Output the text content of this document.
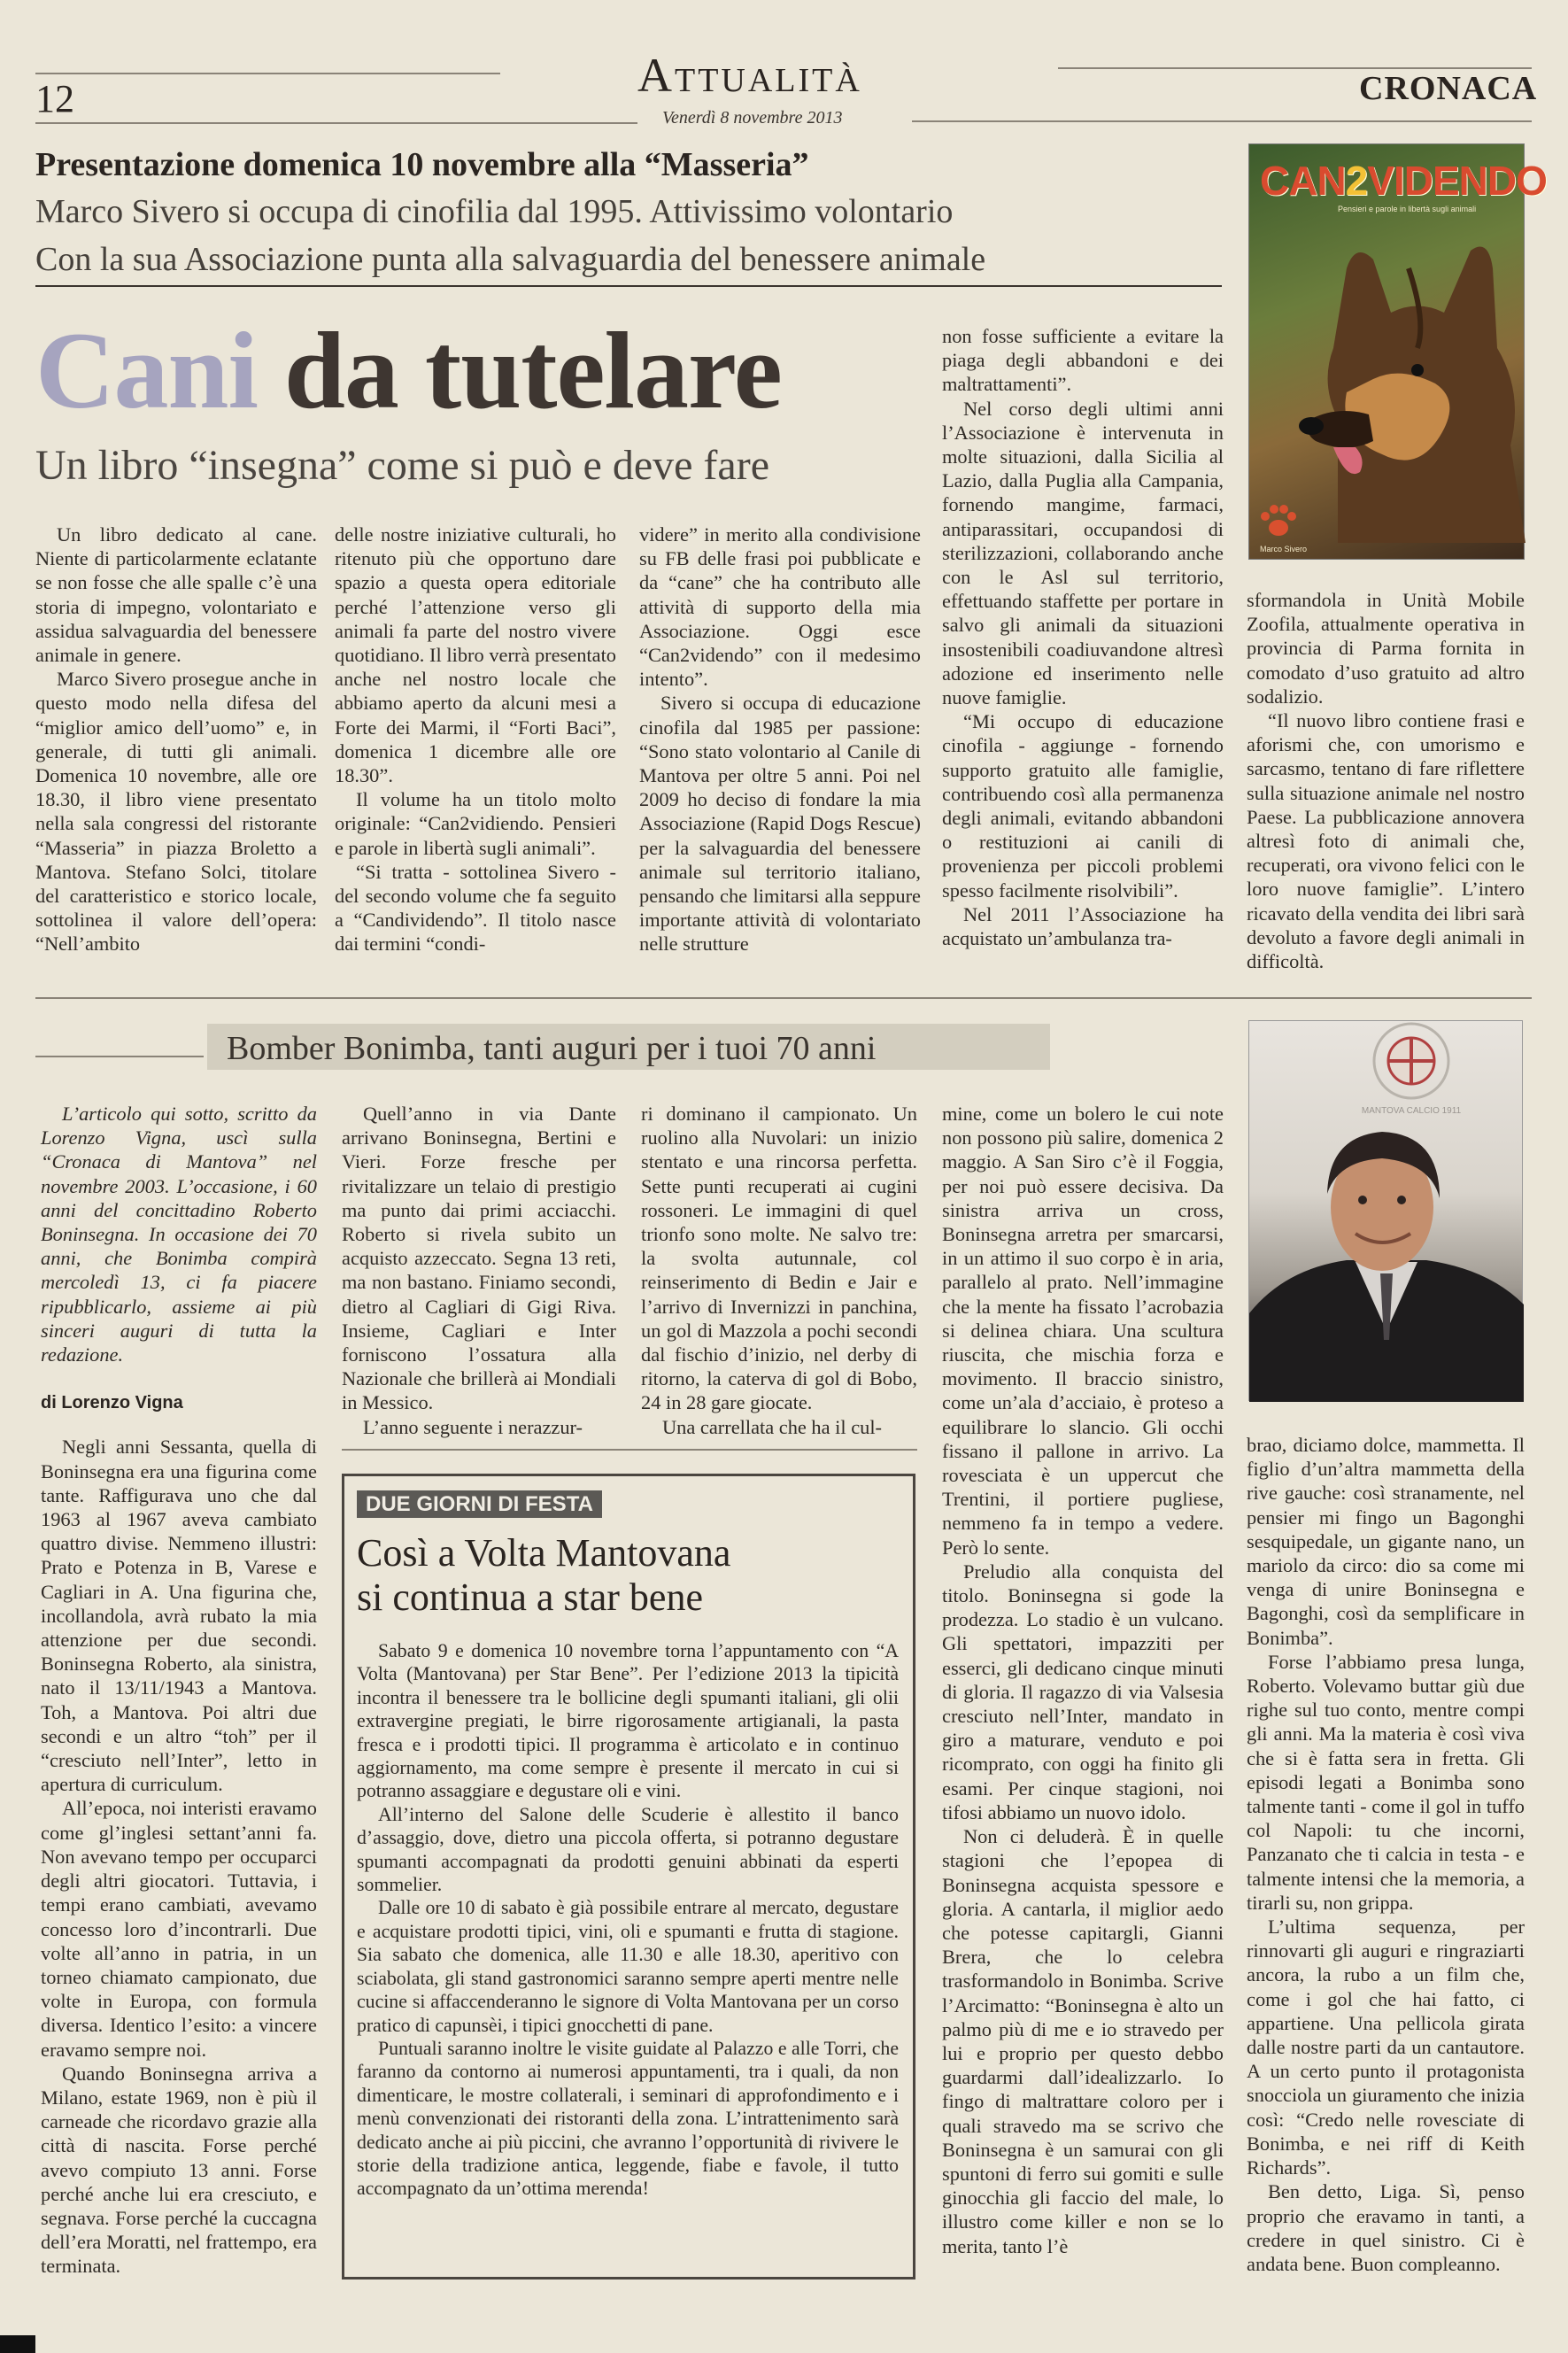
12	Attualità
Venerdì 8 novembre 2013
CRONACA
Presentazione domenica 10 novembre alla “Masseria”
Marco Sivero si occupa di cinofilia dal 1995. Attivissimo volontario
Con la sua Associazione punta alla salvaguardia del benessere animale
Cani da tutelare
Un libro “insegna” come si può e deve fare

Un libro dedicato al cane. Niente di particolarmente eclatante se non fosse che alle spalle c’è una storia di impegno, volontariato e assidua salvaguardia del benessere animale in genere.

Marco Sivero prosegue anche in questo modo nella difesa del “miglior amico dell’uomo” e, in generale, di tutti gli animali. Domenica 10 novembre, alle ore 18.30, il libro viene presentato nella sala congressi del ristorante “Masseria” in piazza Broletto a Mantova. Stefano Solci, titolare del caratteristico e storico locale, sottolinea il valore dell’opera: “Nell’ambito

delle nostre iniziative culturali, ho ritenuto più che opportuno dare spazio a questa opera editoriale perché l’attenzione verso gli animali fa parte del nostro vivere quotidiano. Il libro verrà presentato anche nel nostro locale che abbiamo aperto da alcuni mesi a Forte dei Marmi, il “Forti Baci”, domenica 1 dicembre alle ore 18.30”.

Il volume ha un titolo molto originale: “Can2vidiendo. Pensieri e parole in libertà sugli animali”.

“Si tratta - sottolinea Sivero - del secondo volume che fa seguito a “Candividendo”. Il titolo nasce dai termini “condi-

videre” in merito alla condivisione su FB delle frasi poi pubblicate e da “cane” che ha contributo alle attività di supporto della mia Associazione. Oggi esce “Can2videndo” con il medesimo intento”.

Sivero si occupa di educazione cinofila dal 1985 per passione: “Sono stato volontario al Canile di Mantova per oltre 5 anni. Poi nel 2009 ho deciso di fondare la mia Associazione (Rapid Dogs Rescue) per la salvaguardia del benessere animale sul territorio italiano, pensando che limitarsi alla seppure importante attività di volontariato nelle strutture

non fosse sufficiente a evitare la piaga degli abbandoni e dei maltrattamenti”.

Nel corso degli ultimi anni l’Associazione è intervenuta in molte situazioni, dalla Sicilia al Lazio, dalla Puglia alla Campania, fornendo mangime, farmaci, antiparassitari, occupandosi di sterilizzazioni, collaborando anche con le Asl sul territorio, effettuando staffette per portare in salvo gli animali da situazioni insostenibili coadiuvandone altresì adozione ed inserimento nelle nuove famiglie.

“Mi occupo di educazione cinofila - aggiunge - fornendo supporto gratuito alle famiglie, contribuendo così alla permanenza degli animali, evitando abbandoni o restituzioni ai canili di provenienza per piccoli problemi spesso facilmente risolvibili”.

Nel 2011 l’Associazione ha acquistato un’ambulanza tra-

sformandola in Unità Mobile Zoofila, attualmente operativa in provincia di Parma fornita in comodato d’uso gratuito ad altro sodalizio.

“Il nuovo libro contiene frasi e aforismi che, con umorismo e sarcasmo, tentano di fare riflettere sulla situazione animale nel nostro Paese. La pubblicazione annovera altresì foto di animali che, recuperati, ora vivono felici con le loro nuove famiglie”. L’intero ricavato della vendita dei libri sarà devoluto a favore degli animali in difficoltà.

CAN2VIDENDO
Pensieri e parole in libertà sugli animali
Marco Sivero
Bomber Bonimba, tanti auguri per i tuoi 70 anni

L’articolo qui sotto, scritto da Lorenzo Vigna, uscì sulla “Cronaca di Mantova” nel novembre 2003. L’occasione, i 60 anni del concittadino Roberto Boninsegna. In occasione dei 70 anni, che Bonimba compirà mercoledì 13, ci fa piacere ripubblicarlo, assieme ai più sinceri auguri di tutta la redazione.

di Lorenzo Vigna

Negli anni Sessanta, quella di Boninsegna era una figurina come tante. Raffigurava uno che dal 1963 al 1967 aveva cambiato quattro divise. Nemmeno illustri: Prato e Potenza in B, Varese e Cagliari in A. Una figurina che, incollandola, avrà rubato la mia attenzione per due secondi. Boninsegna Roberto, ala sinistra, nato il 13/11/1943 a Mantova. Toh, a Mantova. Poi altri due secondi e un altro “toh” per il “cresciuto nell’Inter”, letto in apertura di curriculum.

All’epoca, noi interisti eravamo come gl’inglesi settant’anni fa. Non avevano tempo per occuparci degli altri giocatori. Tuttavia, i tempi erano cambiati, avevamo concesso loro d’incontrarli. Due volte all’anno in patria, in un torneo chiamato campionato, due volte in Europa, con formula diversa. Identico l’esito: a vincere eravamo sempre noi.

Quando Boninsegna arriva a Milano, estate 1969, non è più il carneade che ricordavo grazie alla città di nascita. Forse perché avevo compiuto 13 anni. Forse perché anche lui era cresciuto, e segnava. Forse perché la cuccagna dell’era Moratti, nel frattempo, era terminata.

Quell’anno in via Dante arrivano Boninsegna, Bertini e Vieri. Forze fresche per rivitalizzare un telaio di prestigio ma punto dai primi acciacchi. Roberto si rivela subito un acquisto azzeccato. Segna 13 reti, ma non bastano. Finiamo secondi, dietro al Cagliari di Gigi Riva. Insieme, Cagliari e Inter forniscono l’ossatura alla Nazionale che brillerà ai Mondiali in Messico.

L’anno seguente i nerazzur-

ri dominano il campionato. Un ruolino alla Nuvolari: un inizio stentato e una rincorsa perfetta. Sette punti recuperati ai cugini rossoneri. Le immagini di quel trionfo sono molte. Ne salvo tre: la svolta autunnale, col reinserimento di Bedin e Jair e l’arrivo di Invernizzi in panchina, un gol di Mazzola a pochi secondi dal fischio d’inizio, nel derby di ritorno, la caterva di gol di Bobo, 24 in 28 gare giocate.

Una carrellata che ha il cul-

mine, come un bolero le cui note non possono più salire, domenica 2 maggio. A San Siro c’è il Foggia, per noi può essere decisiva. Da sinistra arriva un cross, Boninsegna arretra per smarcarsi, in un attimo il suo corpo è in aria, parallelo al prato. Nell’immagine che la mente ha fissato l’acrobazia si delinea chiara. Una scultura riuscita, che mischia forza e movimento. Il braccio sinistro, come un’ala d’acciaio, è proteso a equilibrare lo slancio. Gli occhi fissano il pallone in arrivo. La rovesciata è un uppercut che Trentini, il portiere pugliese, nemmeno fa in tempo a vedere. Però lo sente.

Preludio alla conquista del titolo. Boninsegna si gode la prodezza. Lo stadio è un vulcano. Gli spettatori, impazziti per esserci, gli dedicano cinque minuti di gloria. Il ragazzo di via Valsesia cresciuto nell’Inter, mandato in giro a maturare, venduto e poi ricomprato, con oggi ha finito gli esami. Per cinque stagioni, noi tifosi abbiamo un nuovo idolo.

Non ci deluderà. È in quelle stagioni che l’epopea di Boninsegna acquista spessore e gloria. A cantarla, il miglior aedo che potesse capitargli, Gianni Brera, che lo celebra trasformandolo in Bonimba. Scrive l’Arcimatto: “Boninsegna è alto un palmo più di me e io stravedo per lui e proprio per questo debbo guardarmi dall’idealizzarlo. Io fingo di maltrattare coloro per i quali stravedo ma se scrivo che Boninsegna è un samurai con gli spuntoni di ferro sui gomiti e sulle ginocchia gli faccio del male, lo illustro come killer e non se lo merita, tanto l’è

brao, diciamo dolce, mammetta. Il figlio d’un’altra mammetta della rive gauche: così stranamente, nel pensier mi fingo un Bagonghi sesquipedale, un gigante nano, un mariolo da circo: dio sa come mi venga di unire Boninsegna e Bagonghi, così da semplificare in Bonimba”.

Forse l’abbiamo presa lunga, Roberto. Volevamo buttar giù due righe sul tuo conto, mentre compi gli anni. Ma la materia è così viva che si è fatta sera in fretta. Gli episodi legati a Bonimba sono talmente tanti - come il gol in tuffo col Napoli: tu che incorni, Panzanato che ti calcia in testa - e talmente intensi che la memoria, a tirarli su, non grippa.

L’ultima sequenza, per rinnovarti gli auguri e ringraziarti ancora, la rubo a un film che, come i gol che hai fatto, ci appartiene. Una pellicola girata dalle nostre parti da un cantautore. A un certo punto il protagonista snocciola un giuramento che inizia così: “Credo nelle rovesciate di Bonimba, e nei riff di Keith Richards”.

Ben detto, Liga. Sì, penso proprio che eravamo in tanti, a credere in quel sinistro. Ci è andata bene. Buon compleanno.

MANTOVA CALCIO 1911
DUE GIORNI DI FESTA
Così a Volta Mantovana
si continua a star bene

Sabato 9 e domenica 10 novembre torna l’appuntamento con “A Volta (Mantovana) per Star Bene”. Per l’edizione 2013 la tipicità incontra il benessere tra le bollicine degli spumanti italiani, gli olii extravergine pregiati, le birre rigorosamente artigianali, la pasta fresca e i prodotti tipici. Il programma è articolato e in continuo aggiornamento, ma come sempre è presente il mercato in cui si potranno assaggiare e degustare oli e vini.

All’interno del Salone delle Scuderie è allestito il banco d’assaggio, dove, dietro una piccola offerta, si potranno degustare spumanti accompagnati da prodotti genuini abbinati da esperti sommelier.

Dalle ore 10 di sabato è già possibile entrare al mercato, degustare e acquistare prodotti tipici, vini, oli e spumanti e frutta di stagione. Sia sabato che domenica, alle 11.30 e alle 18.30, aperitivo con sciabolata, gli stand gastronomici saranno sempre aperti mentre nelle cucine si affaccenderanno le signore di Volta Mantovana per un corso pratico di capunsèi, i tipici gnocchetti di pane.

Puntuali saranno inoltre le visite guidate al Palazzo e alle Torri, che faranno da contorno ai numerosi appuntamenti, tra i quali, da non dimenticare, le mostre collaterali, i seminari di approfondimento e i menù convenzionati dei ristoranti della zona. L’intrattenimento sarà dedicato anche ai più piccini, che avranno l’opportunità di rivivere le storie della tradizione antica, leggende, fiabe e favole, il tutto accompagnato da un’ottima merenda!
